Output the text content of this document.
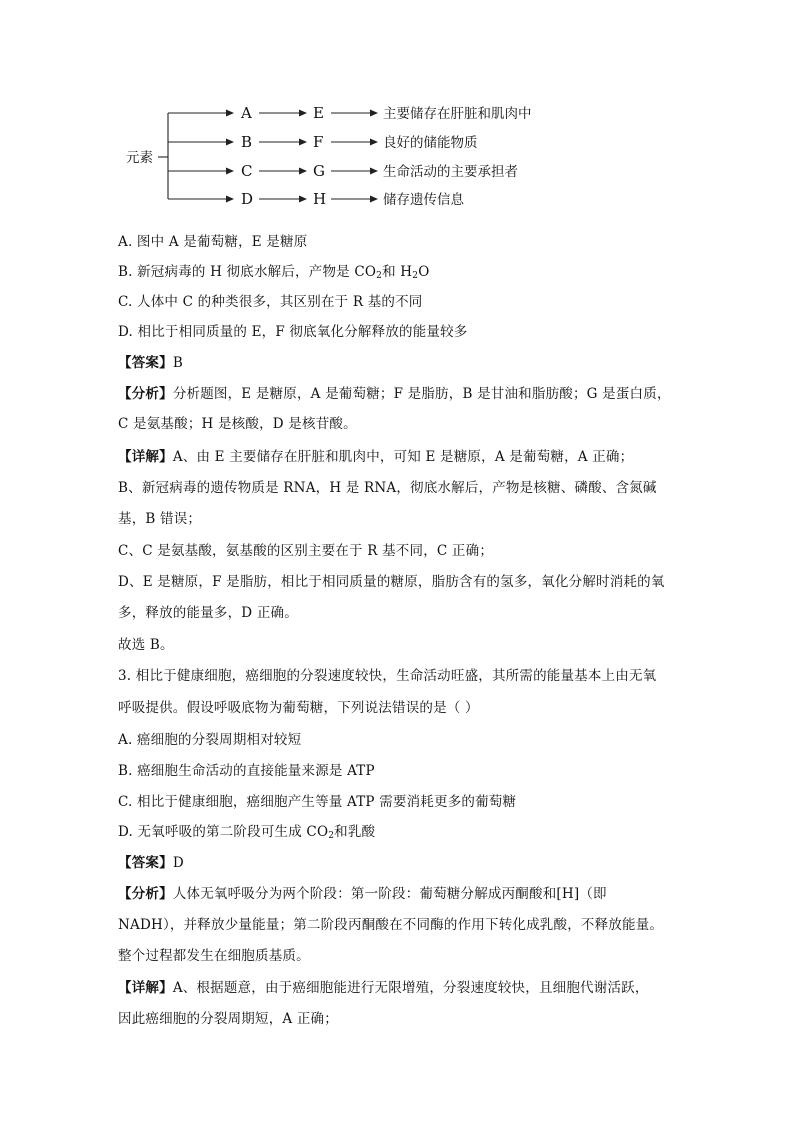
元素
A	E	主要储存在肝脏和肌肉中
B	F	良好的储能物质
C	G	生命活动的主要承担者
D	H	储存遗传信息
A. 图中 A 是葡萄糖，E 是糖原
B. 新冠病毒的 H 彻底水解后，产物是 $CO_2$和 $H_2O$
C. 人体中 C 的种类很多，其区别在于 R 基的不同
D. 相比于相同质量的 E，F 彻底氧化分解释放的能量较多
【答案】B
【分析】分析题图，E 是糖原，A 是葡萄糖；F 是脂肪，B 是甘油和脂肪酸；G 是蛋白质，
C 是氨基酸；H 是核酸，D 是核苷酸。
【详解】A、由 E 主要储存在肝脏和肌肉中，可知 E 是糖原，A 是葡萄糖，A 正确；
B、新冠病毒的遗传物质是 RNA，H 是 RNA，彻底水解后，产物是核糖、磷酸、含氮碱
基，B 错误；
C、C 是氨基酸，氨基酸的区别主要在于 R 基不同，C 正确；
D、E 是糖原，F 是脂肪，相比于相同质量的糖原，脂肪含有的氢多，氧化分解时消耗的氧
多，释放的能量多，D 正确。
故选 B。
3. 相比于健康细胞，癌细胞的分裂速度较快，生命活动旺盛，其所需的能量基本上由无氧
呼吸提供。假设呼吸底物为葡萄糖，下列说法错误的是（ ）
A. 癌细胞的分裂周期相对较短
B. 癌细胞生命活动的直接能量来源是 ATP
C. 相比于健康细胞，癌细胞产生等量 ATP 需要消耗更多的葡萄糖
D. 无氧呼吸的第二阶段可生成 $CO_2$和乳酸
【答案】D
【分析】人体无氧呼吸分为两个阶段：第一阶段：葡萄糖分解成丙酮酸和[H]（即
NADH），并释放少量能量；第二阶段丙酮酸在不同酶的作用下转化成乳酸，不释放能量。
整个过程都发生在细胞质基质。
【详解】A、根据题意，由于癌细胞能进行无限增殖，分裂速度较快，且细胞代谢活跃，
因此癌细胞的分裂周期短，A 正确；
